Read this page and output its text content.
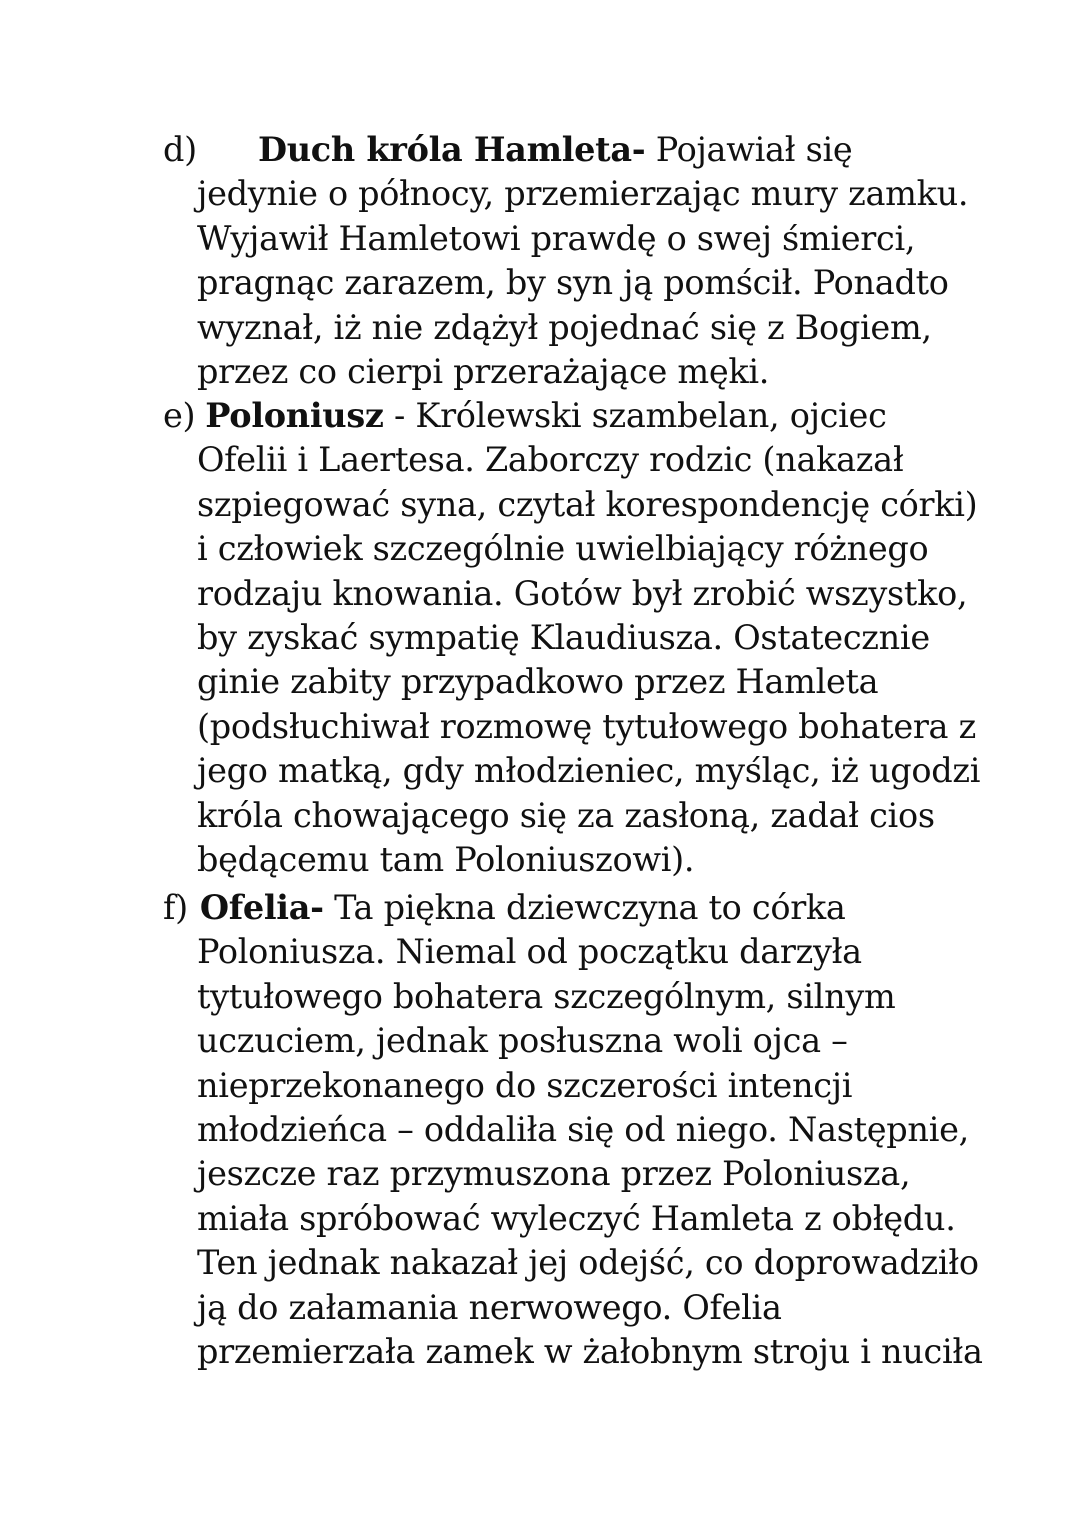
d) Duch króla Hamleta- Pojawiał się
jedynie o północy, przemierzając mury zamku.
Wyjawił Hamletowi prawdę o swej śmierci,
pragnąc zarazem, by syn ją pomścił. Ponadto
wyznał, iż nie zdążył pojednać się z Bogiem,
przez co cierpi przerażające męki.
e) Poloniusz - Królewski szambelan, ojciec
Ofelii i Laertesa. Zaborczy rodzic (nakazał
szpiegować syna, czytał korespondencję córki)
i człowiek szczególnie uwielbiający różnego
rodzaju knowania. Gotów był zrobić wszystko,
by zyskać sympatię Klaudiusza. Ostatecznie
ginie zabity przypadkowo przez Hamleta
(podsłuchiwał rozmowę tytułowego bohatera z
jego matką, gdy młodzieniec, myśląc, iż ugodzi
króla chowającego się za zasłoną, zadał cios
będącemu tam Poloniuszowi).
f) Ofelia- Ta piękna dziewczyna to córka
Poloniusza. Niemal od początku darzyła
tytułowego bohatera szczególnym, silnym
uczuciem, jednak posłuszna woli ojca –
nieprzekonanego do szczerości intencji
młodzieńca – oddaliła się od niego. Następnie,
jeszcze raz przymuszona przez Poloniusza,
miała spróbować wyleczyć Hamleta z obłędu.
Ten jednak nakazał jej odejść, co doprowadziło
ją do załamania nerwowego. Ofelia
przemierzała zamek w żałobnym stroju i nuciła
